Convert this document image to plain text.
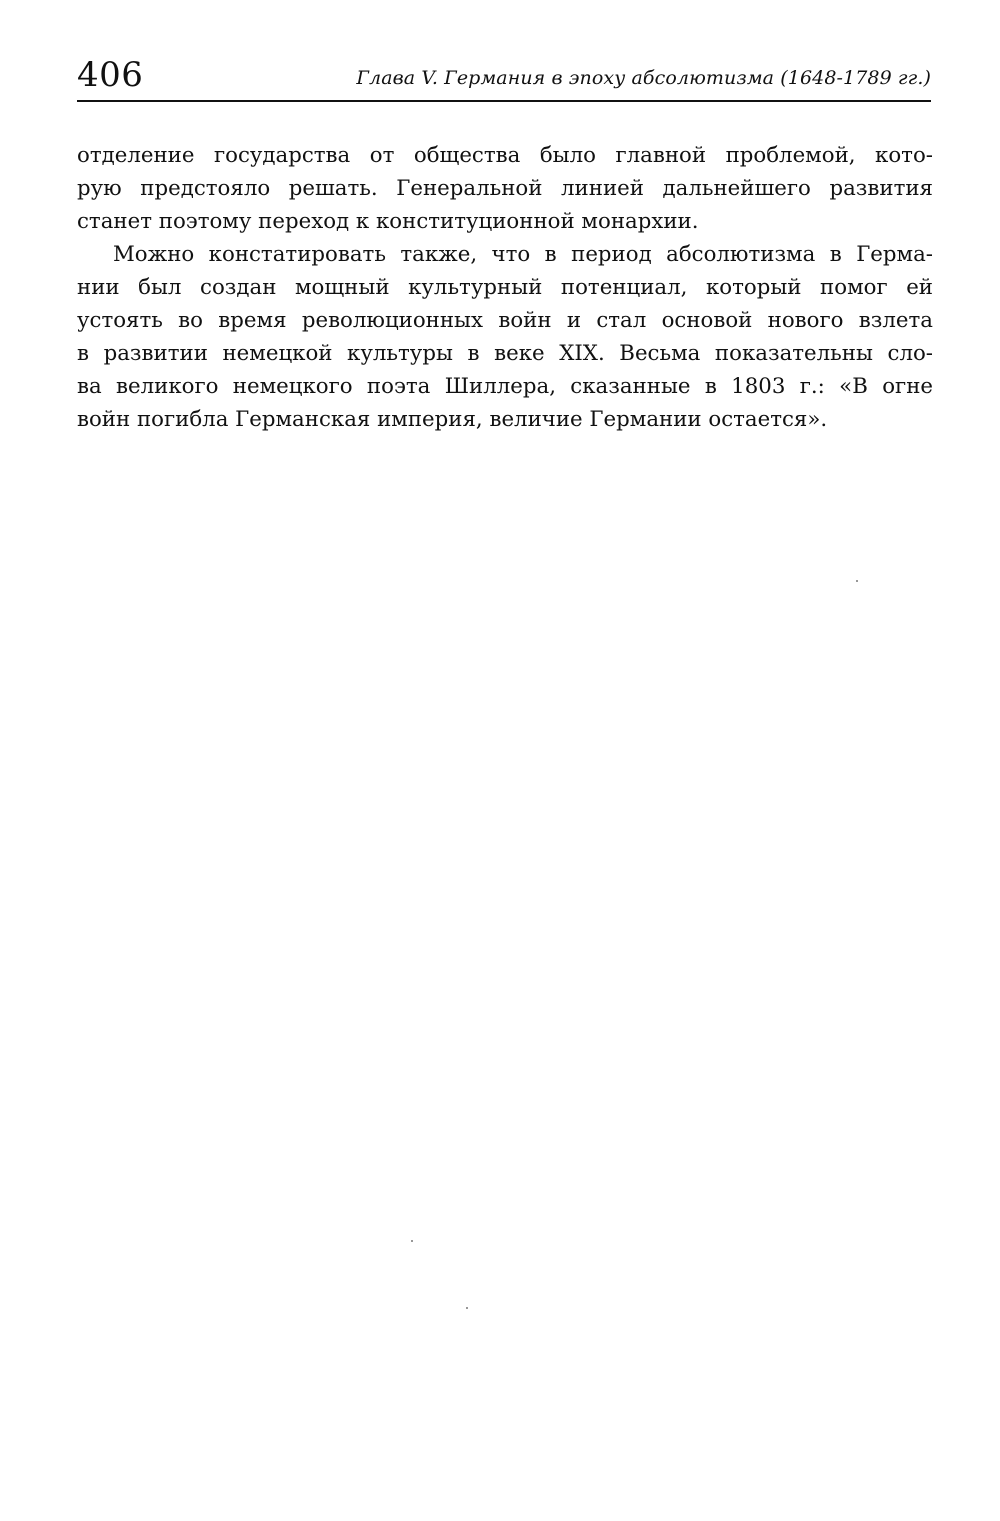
406	Глава V. Германия в эпоху абсолютизма (1648-1789 гг.)

отделение государства от общества было главной проблемой, кото-
рую предстояло решать. Генеральной линией дальнейшего развития
станет поэтому переход к конституционной монархии.

Можно констатировать также, что в период абсолютизма в Герма-
нии был создан мощный культурный потенциал, который помог ей
устоять во время революционных войн и стал основой нового взлета
в развитии немецкой культуры в веке XIX. Весьма показательны сло-
ва великого немецкого поэта Шиллера, сказанные в 1803 г.: «В огне
войн погибла Германская империя, величие Германии остается».
